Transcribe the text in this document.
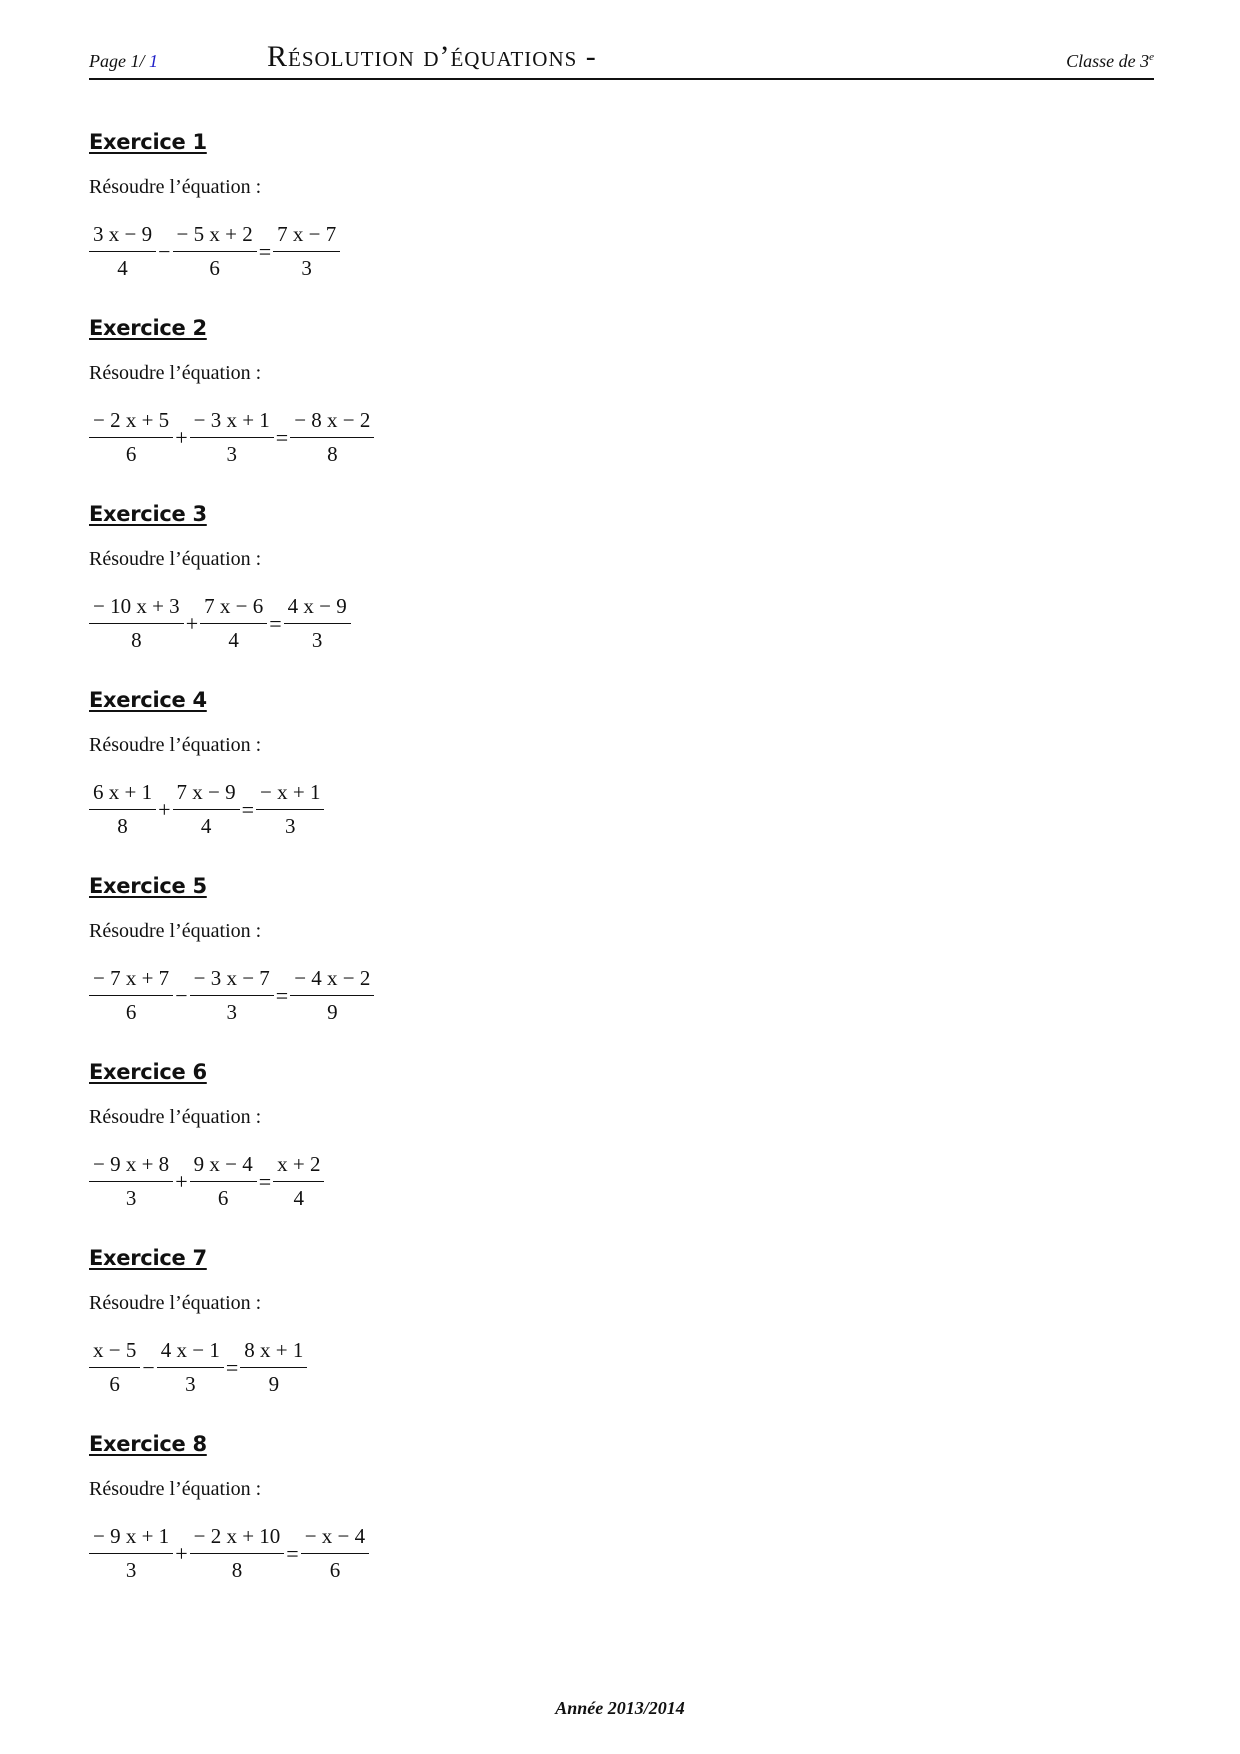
Page 1/ 1	Résolution d’équations -	Classe de 3e
Exercice 1
Résoudre l’équation :
$\frac{3 x - 9}{4} - \frac{- 5 x + 2}{6} = \frac{7 x - 7}{3}$
Exercice 2
Résoudre l’équation :
$\frac{- 2 x + 5}{6} + \frac{- 3 x + 1}{3} = \frac{- 8 x - 2}{8}$
Exercice 3
Résoudre l’équation :
$\frac{- 10 x + 3}{8} + \frac{7 x - 6}{4} = \frac{4 x - 9}{3}$
Exercice 4
Résoudre l’équation :
$\frac{6 x + 1}{8} + \frac{7 x - 9}{4} = \frac{- x + 1}{3}$
Exercice 5
Résoudre l’équation :
$\frac{- 7 x + 7}{6} - \frac{- 3 x - 7}{3} = \frac{- 4 x - 2}{9}$
Exercice 6
Résoudre l’équation :
$\frac{- 9 x + 8}{3} + \frac{9 x - 4}{6} = \frac{x + 2}{4}$
Exercice 7
Résoudre l’équation :
$\frac{x - 5}{6} - \frac{4 x - 1}{3} = \frac{8 x + 1}{9}$
Exercice 8
Résoudre l’équation :
$\frac{- 9 x + 1}{3} + \frac{- 2 x + 10}{8} = \frac{- x - 4}{6}$
Année 2013/2014
